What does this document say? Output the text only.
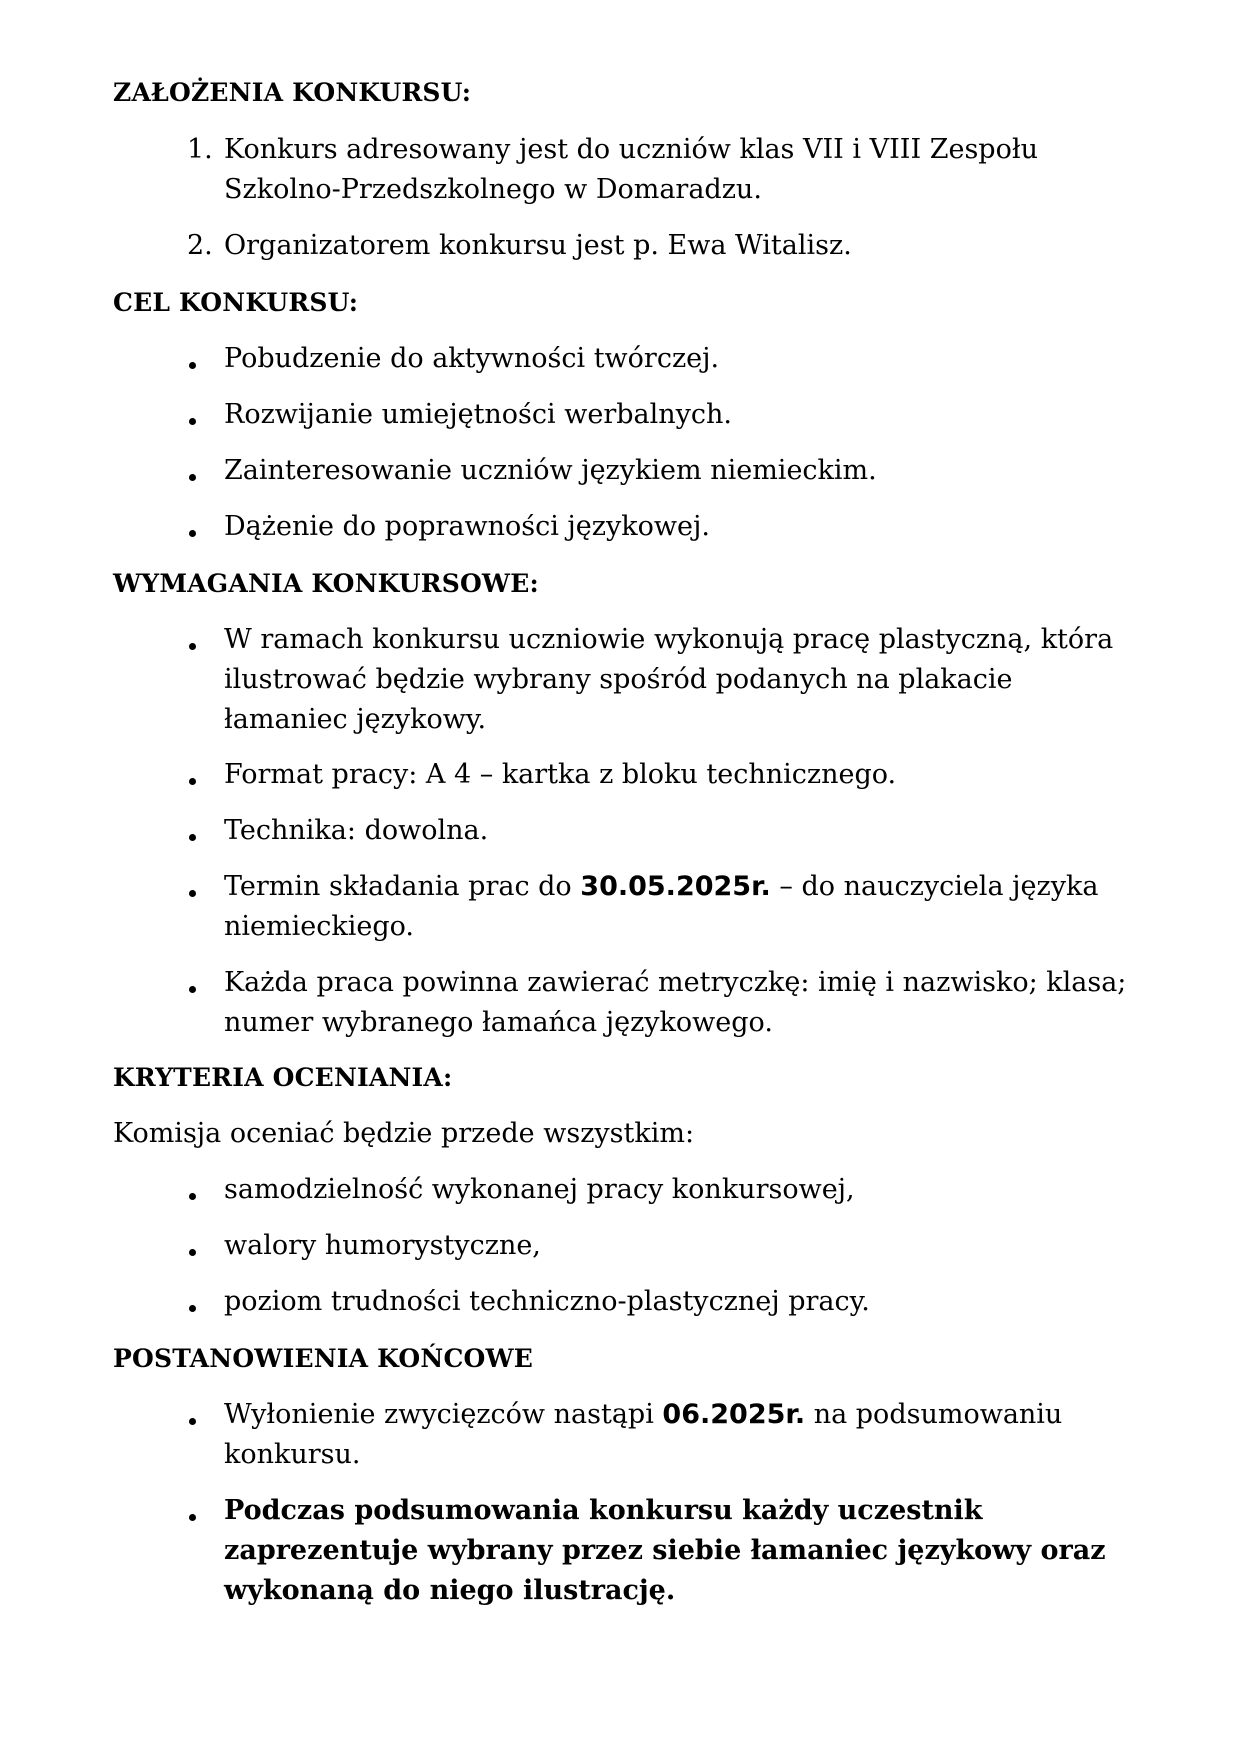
ZAŁOŻENIA KONKURSU:
1. Konkurs adresowany jest do uczniów klas VII i VIII Zespołu
Szkolno-Przedszkolnego w Domaradzu.
2. Organizatorem konkursu jest p. Ewa Witalisz.
CEL KONKURSU:
Pobudzenie do aktywności twórczej.
Rozwijanie umiejętności werbalnych.
Zainteresowanie uczniów językiem niemieckim.
Dążenie do poprawności językowej.
WYMAGANIA KONKURSOWE:
W ramach konkursu uczniowie wykonują pracę plastyczną, która
ilustrować będzie wybrany spośród podanych na plakacie
łamaniec językowy.
Format pracy: A 4 – kartka z bloku technicznego.
Technika: dowolna.
Termin składania prac do 30.05.2025r. – do nauczyciela języka
niemieckiego.
Każda praca powinna zawierać metryczkę: imię i nazwisko; klasa;
numer wybranego łamańca językowego.
KRYTERIA OCENIANIA:
Komisja oceniać będzie przede wszystkim:
samodzielność wykonanej pracy konkursowej,
walory humorystyczne,
poziom trudności techniczno-plastycznej pracy.
POSTANOWIENIA KOŃCOWE
Wyłonienie zwycięzców nastąpi 06.2025r. na podsumowaniu
konkursu.
Podczas podsumowania konkursu każdy uczestnik
zaprezentuje wybrany przez siebie łamaniec językowy oraz
wykonaną do niego ilustrację.
